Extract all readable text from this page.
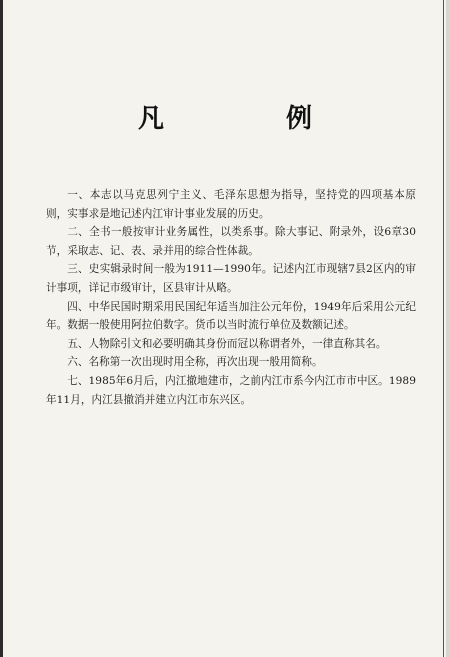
凡　例

一、本志以马克思列宁主义、毛泽东思想为指导，坚持党的四项基本原则，实事求是地记述内江审计事业发展的历史。

二、全书一般按审计业务属性，以类系事。除大事记、附录外，设6章30节，采取志、记、表、录并用的综合性体裁。

三、史实辑录时间一般为1911—1990年。记述内江市现辖7县2区内的审计事项，详记市级审计，区县审计从略。

四、中华民国时期采用民国纪年适当加注公元年份，1949年后采用公元纪年。数据一般使用阿拉伯数字。货币以当时流行单位及数额记述。

五、人物除引文和必要明确其身份而冠以称谓者外，一律直称其名。

六、名称第一次出现时用全称，再次出现一般用简称。

七、1985年6月后，内江撤地建市，之前内江市系今内江市市中区。1989年11月，内江县撤消并建立内江市东兴区。
